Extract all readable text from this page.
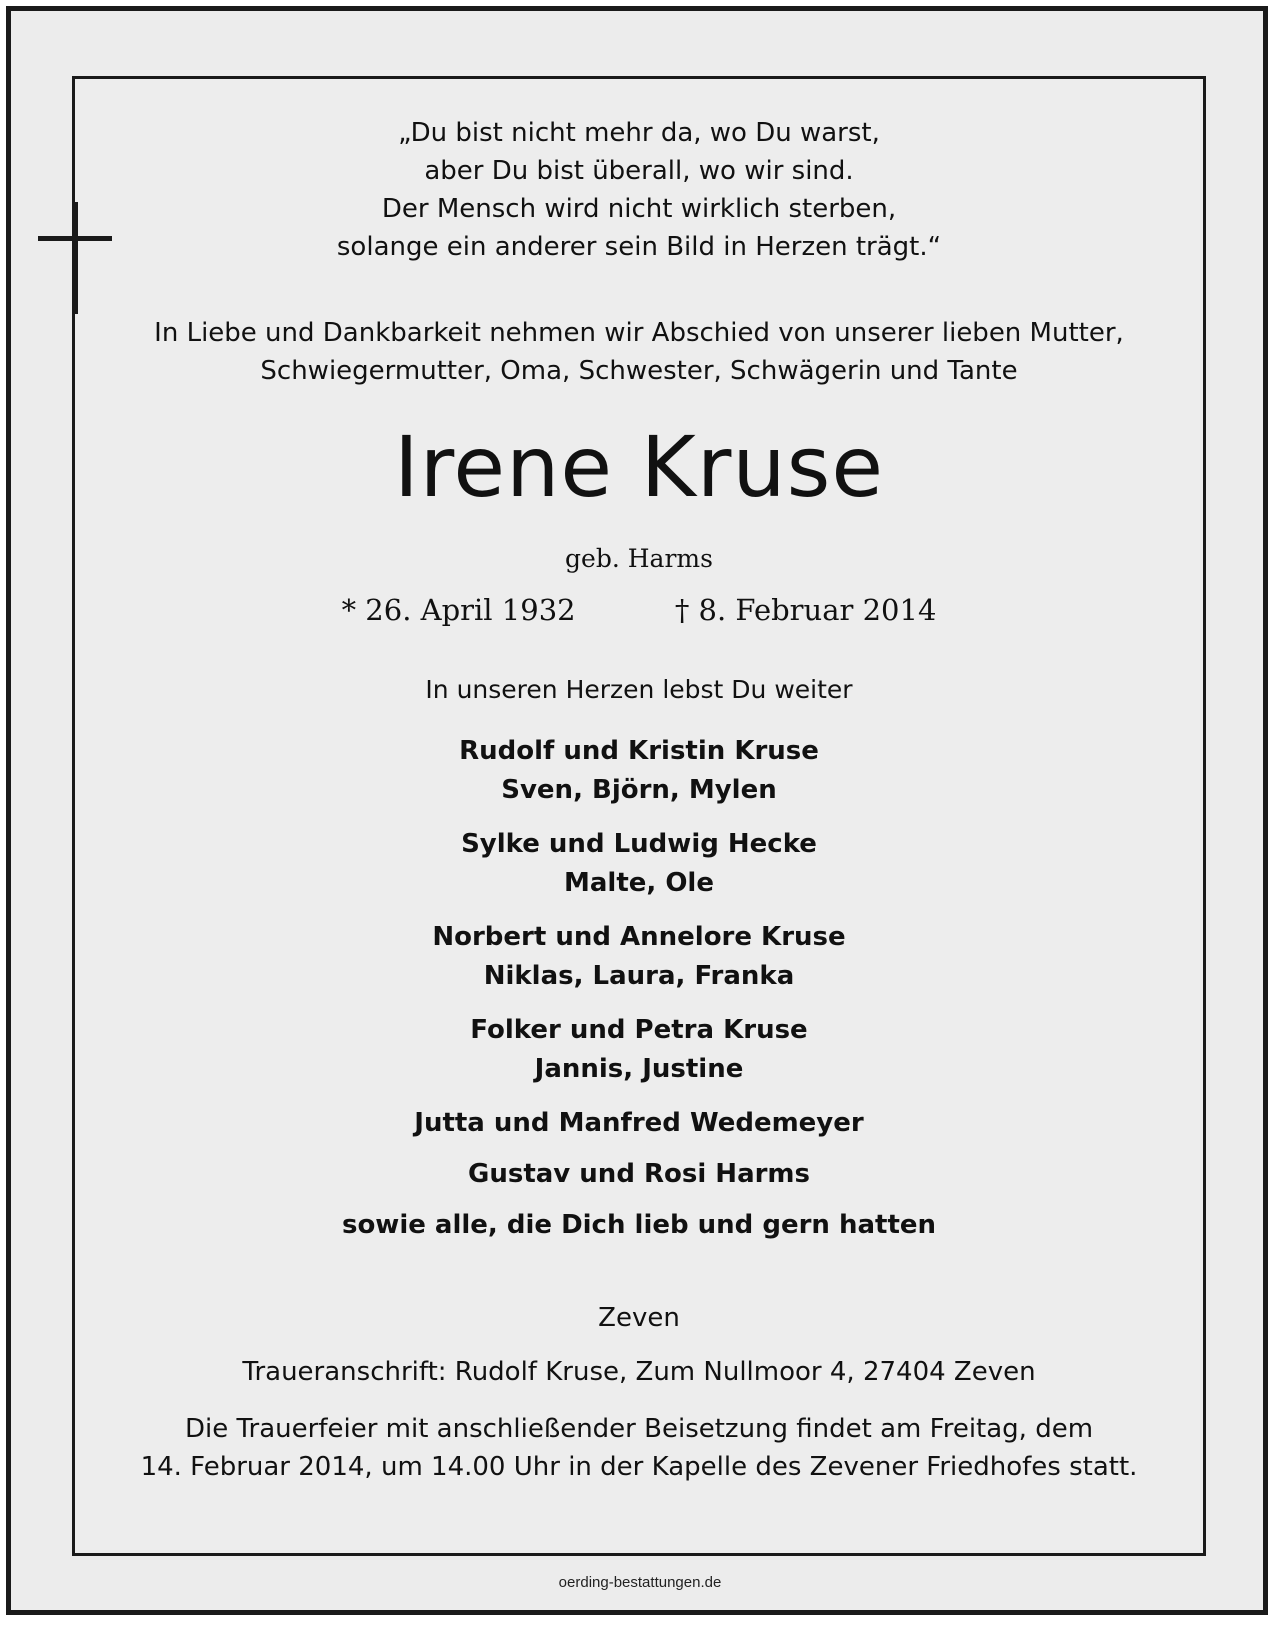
„Du bist nicht mehr da, wo Du warst,
aber Du bist überall, wo wir sind.
Der Mensch wird nicht wirklich sterben,
solange ein anderer sein Bild in Herzen trägt.“
In Liebe und Dankbarkeit nehmen wir Abschied von unserer lieben Mutter,
Schwiegermutter, Oma, Schwester, Schwägerin und Tante
Irene Kruse
geb. Harms
* 26. April 1932	† 8. Februar 2014
In unseren Herzen lebst Du weiter
Rudolf und Kristin Kruse
Sven, Björn, Mylen
Sylke und Ludwig Hecke
Malte, Ole
Norbert und Annelore Kruse
Niklas, Laura, Franka
Folker und Petra Kruse
Jannis, Justine
Jutta und Manfred Wedemeyer
Gustav und Rosi Harms
sowie alle, die Dich lieb und gern hatten
Zeven
Traueranschrift: Rudolf Kruse, Zum Nullmoor 4, 27404 Zeven
Die Trauerfeier mit anschließender Beisetzung findet am Freitag, dem
14. Februar 2014, um 14.00 Uhr in der Kapelle des Zevener Friedhofes statt.
oerding-bestattungen.de
